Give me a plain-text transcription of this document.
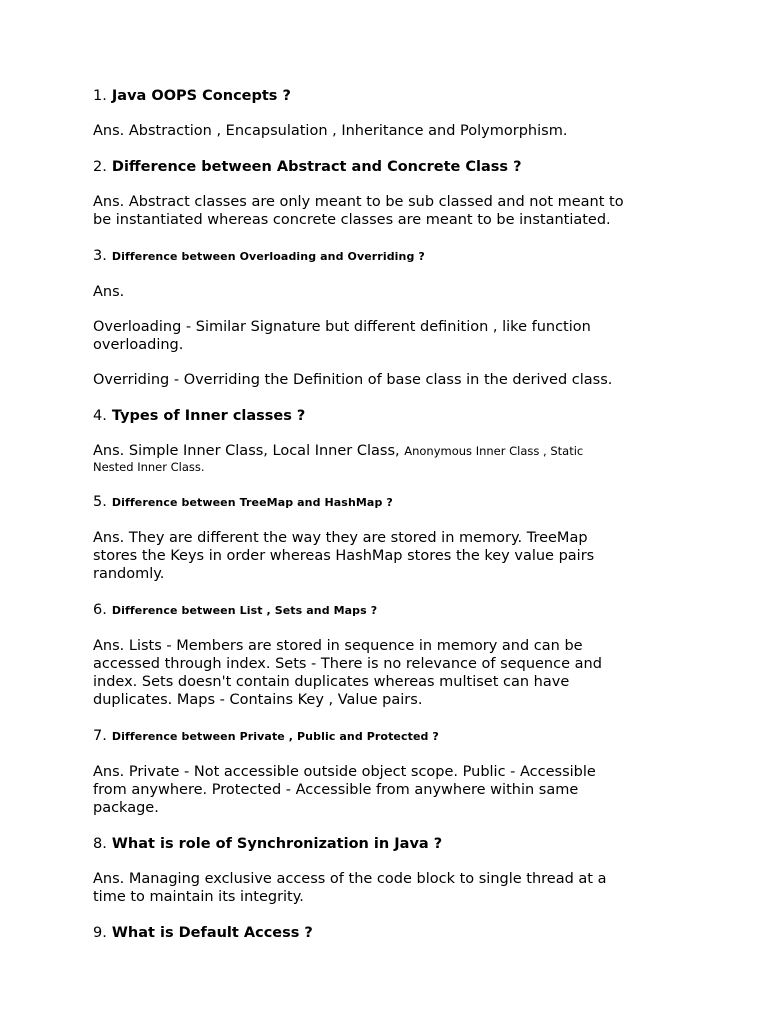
1. Java OOPS Concepts ?
Ans. Abstraction , Encapsulation , Inheritance and Polymorphism.
2. Difference between Abstract and Concrete Class ?
Ans. Abstract classes are only meant to be sub classed and not meant to
be instantiated whereas concrete classes are meant to be instantiated.
3. Difference between Overloading and Overriding ?
Ans.
Overloading - Similar Signature but different definition , like function
overloading.
Overriding - Overriding the Definition of base class in the derived class.
4. Types of Inner classes ?
Ans. Simple Inner Class, Local Inner Class, Anonymous Inner Class , Static
Nested Inner Class.
5. Difference between TreeMap and HashMap ?
Ans. They are different the way they are stored in memory. TreeMap
stores the Keys in order whereas HashMap stores the key value pairs
randomly.
6. Difference between List , Sets and Maps ?
Ans. Lists - Members are stored in sequence in memory and can be
accessed through index. Sets - There is no relevance of sequence and
index. Sets doesn't contain duplicates whereas multiset can have
duplicates. Maps - Contains Key , Value pairs.
7. Difference between Private , Public and Protected ?
Ans. Private - Not accessible outside object scope. Public - Accessible
from anywhere. Protected - Accessible from anywhere within same
package.
8. What is role of Synchronization in Java ?
Ans. Managing exclusive access of the code block to single thread at a
time to maintain its integrity.
9. What is Default Access ?
